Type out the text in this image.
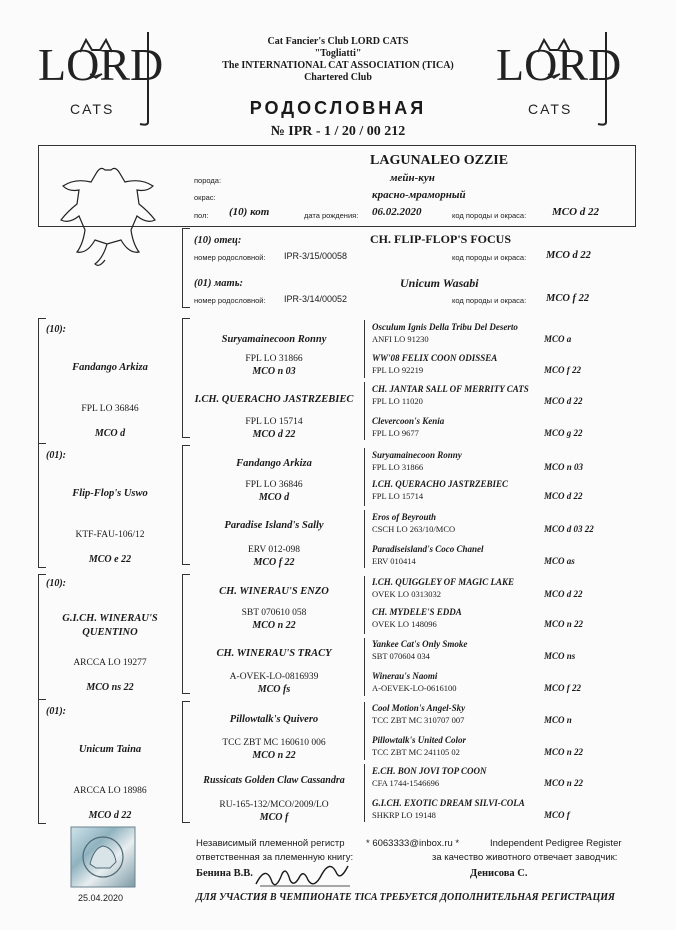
LORD
CATS
LORD
CATS
Cat Fancier's Club LORD CATS
"Togliatti"
The INTERNATIONAL CAT ASSOCIATION (TICA)
Chartered Club
РОДОСЛОВНАЯ
№ IPR - 1 / 20 / 00 212
LAGUNALEO OZZIE
порода:	мейн-кун
окрас:	красно-мраморный
пол: (10) кот	дата рождения: 06.02.2020	код породы и окраса: MCO d 22
(10) отец:	CH. FLIP-FLOP'S FOCUS
номер родословной: IPR-3/15/00058	код породы и окраса: MCO d 22
(01) мать:	Unicum Wasabi
номер родословной: IPR-3/14/00052	код породы и окраса: MCO f 22
(10):
Fandango Arkiza
FPL LO 36846
MCO d
(01):
Flip-Flop's Uswo
KTF-FAU-106/12
MCO e 22
(10):
G.I.CH. WINERAU'S QUENTINO
ARCCA LO 19277
MCO ns 22
(01):
Unicum Taina
ARCCA LO 18986
MCO d 22
Suryamainecoon Ronny
FPL LO 31866
MCO n 03
I.CH. QUERACHO JASTRZEBIEC
FPL LO 15714
MCO d 22
Fandango Arkiza
FPL LO 36846
MCO d
Paradise Island's Sally
ERV 012-098
MCO f 22
CH. WINERAU'S ENZO
SBT 070610 058
MCO n 22
CH. WINERAU'S TRACY
A-OVEK-LO-0816939
MCO fs
Pillowtalk's Quivero
TCC ZBT MC 160610 006
MCO n 22
Russicats Golden Claw Cassandra
RU-165-132/MCO/2009/LO
MCO f
Osculum Ignis Della Tribu Del Deserto
ANFI LO 91230	MCO a
WW'08 FELIX COON ODISSEA
FPL LO 92219	MCO f 22
CH. JANTAR SALL OF MERRITY CATS
FPL LO 11020	MCO d 22
Clevercoon's Kenia
FPL LO 9677	MCO g 22
Suryamainecoon Ronny
FPL LO 31866	MCO n 03
I.CH. QUERACHO JASTRZEBIEC
FPL LO 15714	MCO d 22
Eros of Beyrouth
CSCH LO 263/10/MCO	MCO d 03 22
Paradiseisland's Coco Chanel
ERV 010414	MCO as
I.CH. QUIGGLEY OF MAGIC LAKE
OVEK LO 0313032	MCO d 22
CH. MYDELE'S EDDA
OVEK LO 148096	MCO n 22
Yankee Cat's Only Smoke
SBT 070604 034	MCO ns
Winerau's Naomi
A-OEVEK-LO-0616100	MCO f 22
Cool Motion's Angel-Sky
TCC ZBT MC 310707 007	MCO n
Pillowtalk's United Color
TCC ZBT MC 241105 02	MCO n 22
E.CH. BON JOVI TOP COON
CFA 1744-1546696	MCO n 22
G.I.CH. EXOTIC DREAM SILVI-COLA
SHKRP LO 19148	MCO f
Независимый племенной регистр * 6063333@inbox.ru *	Independent Pedigree Register
ответственная за племенную книгу:	за качество животного отвечает заводчик:
Бенина В.В.	Денисова С.
25.04.2020	ДЛЯ УЧАСТИЯ В ЧЕМПИОНАТЕ TICA ТРЕБУЕТСЯ ДОПОЛНИТЕЛЬНАЯ РЕГИСТРАЦИЯ
